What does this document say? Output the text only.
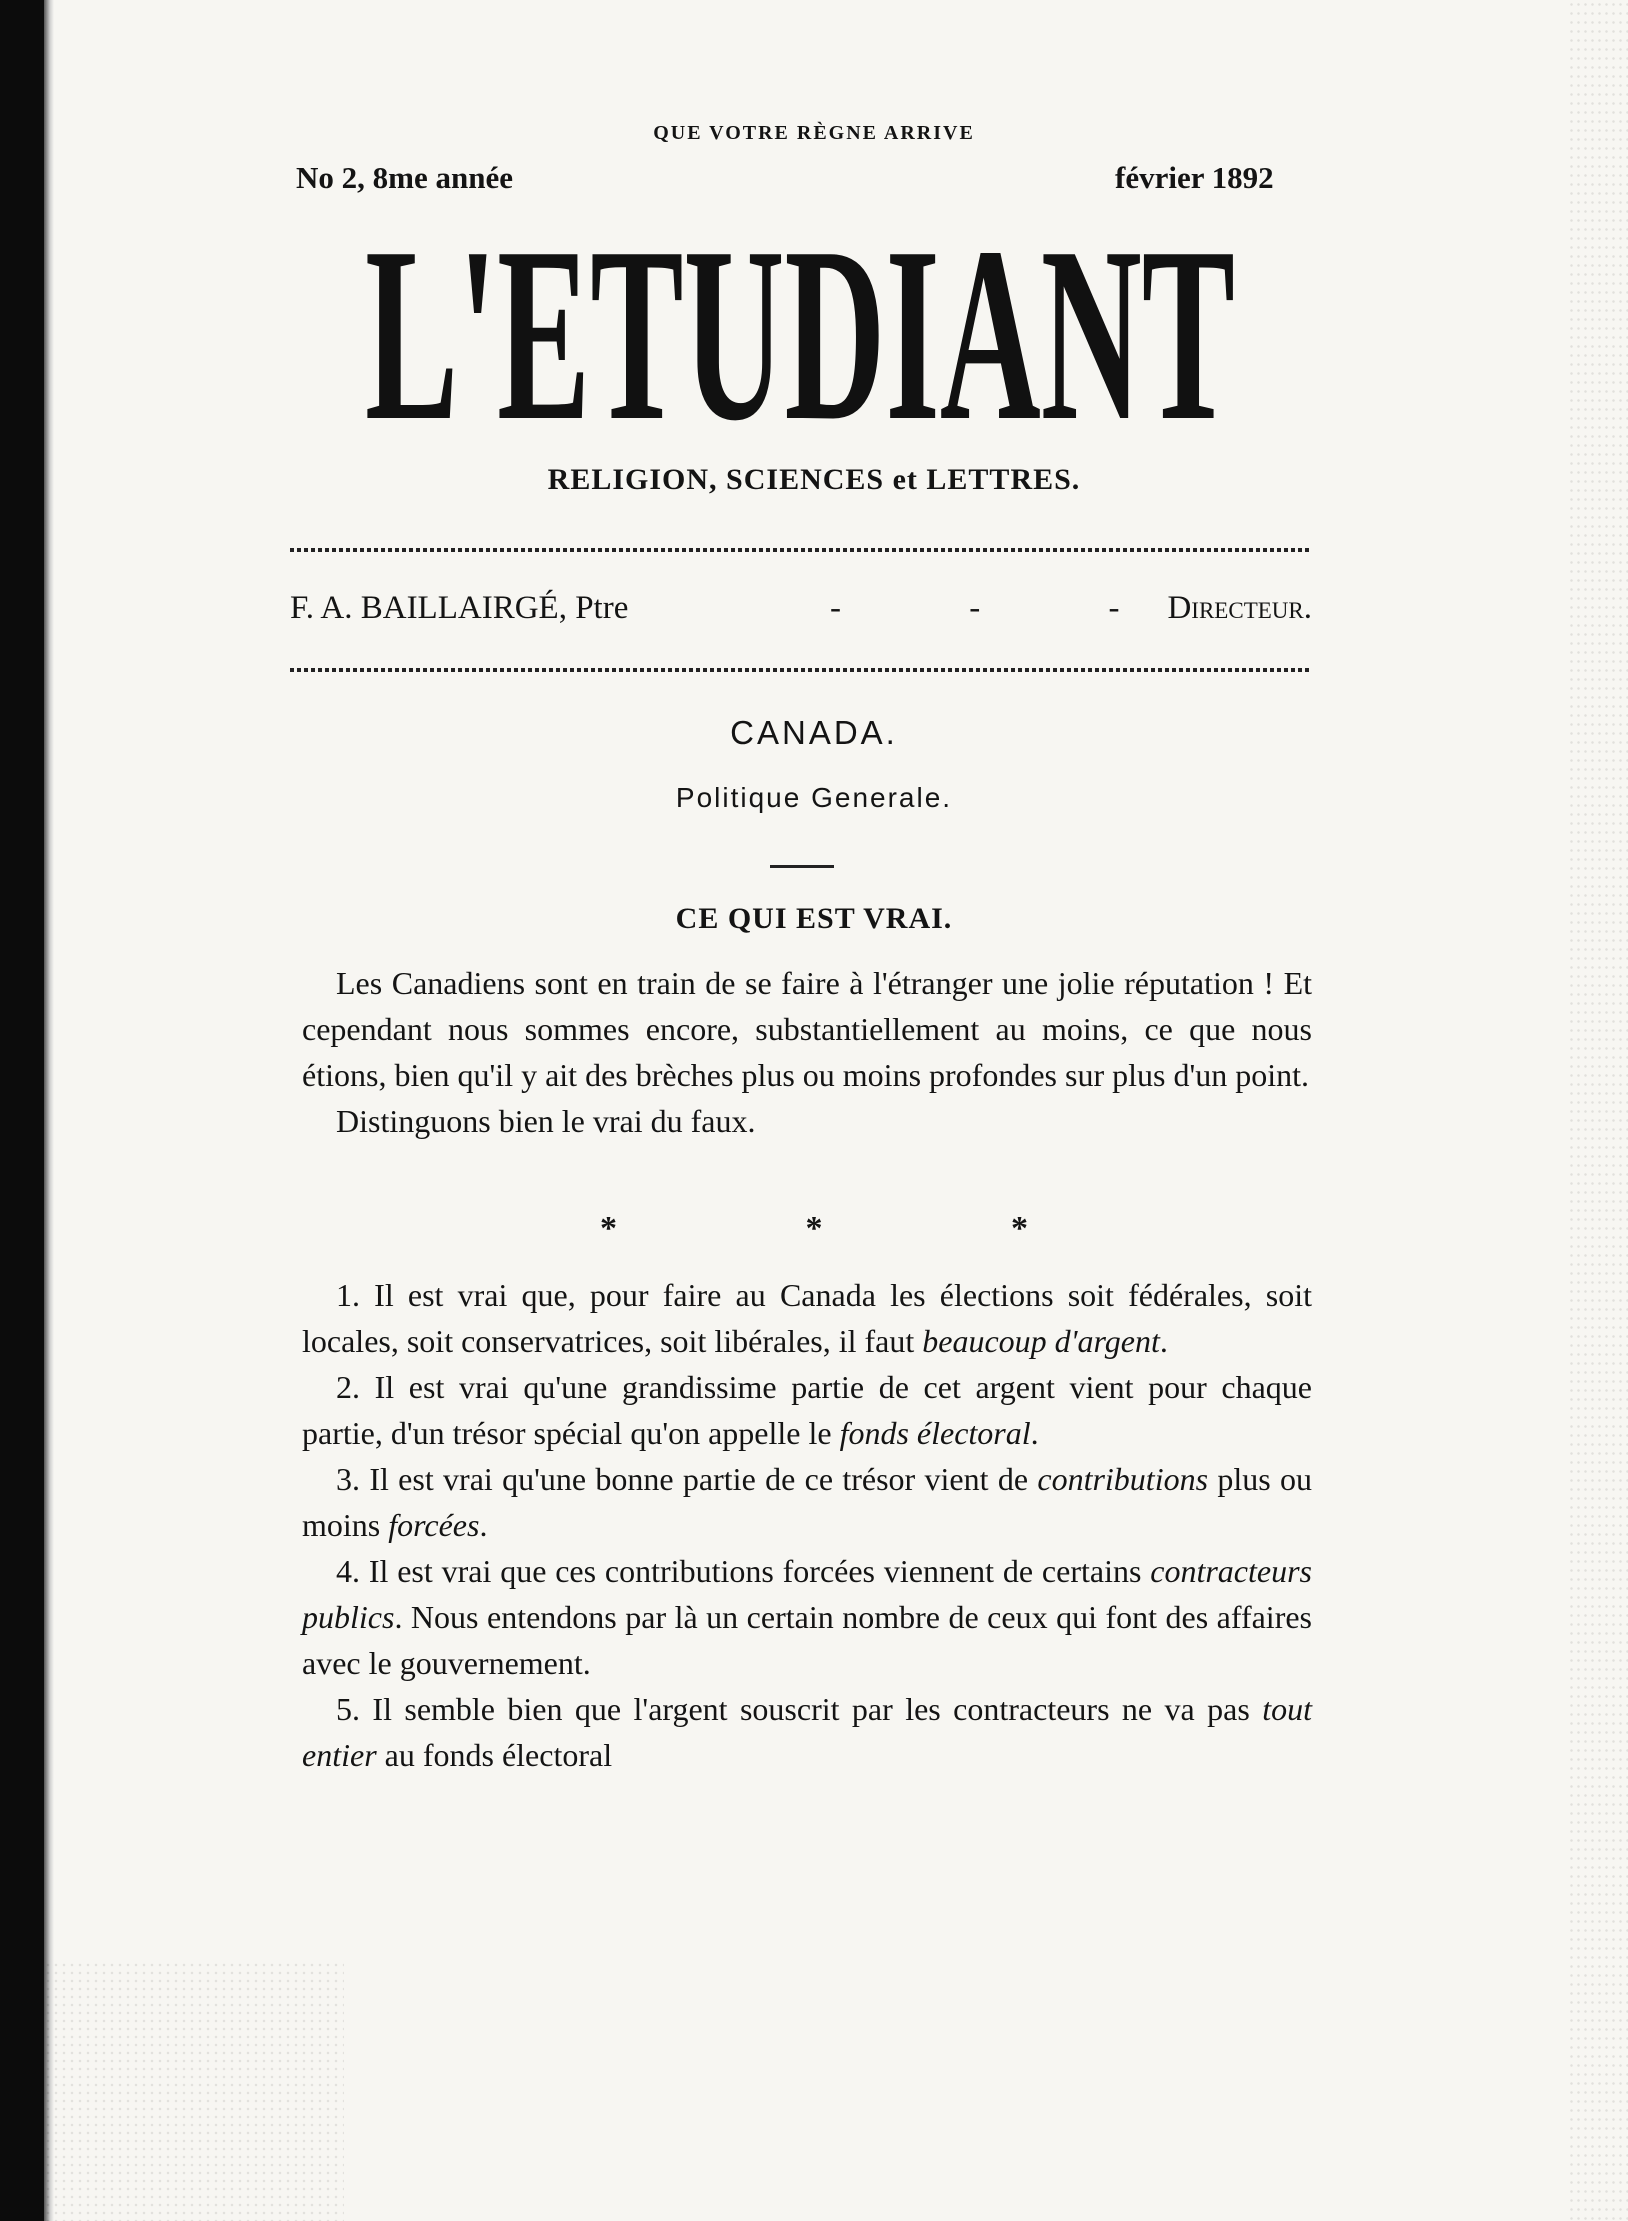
QUE VOTRE RÈGNE ARRIVE
No 2, 8me année	février 1892
L'ETUDIANT
RELIGION, SCIENCES et LETTRES.
F. A. BAILLAIRGÉ, Ptre	- - -
Directeur.
CANADA.
Politique Generale.
CE QUI EST VRAI.

Les Canadiens sont en train de se faire à l'étranger une jolie réputation ! Et cependant nous sommes encore, substantiellement au moins, ce que nous étions, bien qu'il y ait des brèches plus ou moins profondes sur plus d'un point.

Distinguons bien le vrai du faux.

* * *

1. Il est vrai que, pour faire au Canada les élections soit fédérales, soit locales, soit conservatrices, soit libérales, il faut beaucoup d'argent.

2. Il est vrai qu'une grandissime partie de cet argent vient pour chaque partie, d'un trésor spécial qu'on appelle le fonds électoral.

3. Il est vrai qu'une bonne partie de ce trésor vient de contributions plus ou moins forcées.

4. Il est vrai que ces contributions forcées viennent de certains contracteurs publics. Nous entendons par là un certain nombre de ceux qui font des affaires avec le gouvernement.

5. Il semble bien que l'argent souscrit par les contracteurs ne va pas tout entier au fonds électoral
